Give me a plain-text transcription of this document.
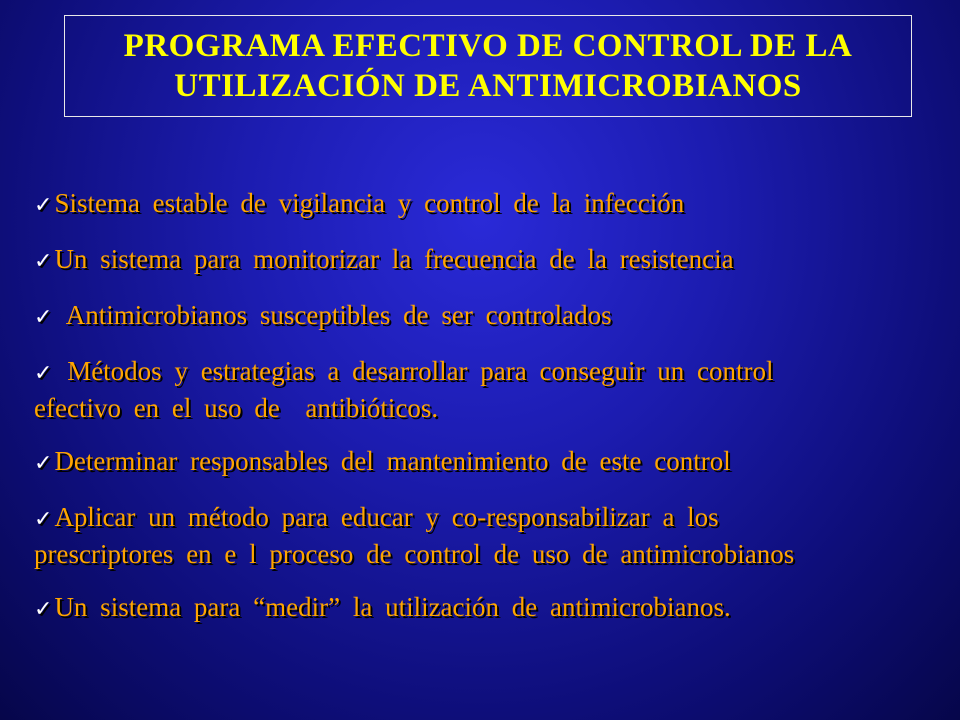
PROGRAMA EFECTIVO DE CONTROL DE LA
UTILIZACIÓN DE ANTIMICROBIANOS
✓Sistema estable de vigilancia y control de la infección
✓Un sistema para monitorizar la frecuencia de la resistencia
✓ Antimicrobianos susceptibles de ser controlados
✓ Métodos y estrategias a desarrollar para conseguir un control
efectivo en el uso de  antibióticos.
✓Determinar responsables del mantenimiento de este control
✓Aplicar un método para educar y co-responsabilizar a los
prescriptores en e l proceso de control de uso de antimicrobianos
✓Un sistema para “medir” la utilización de antimicrobianos.
